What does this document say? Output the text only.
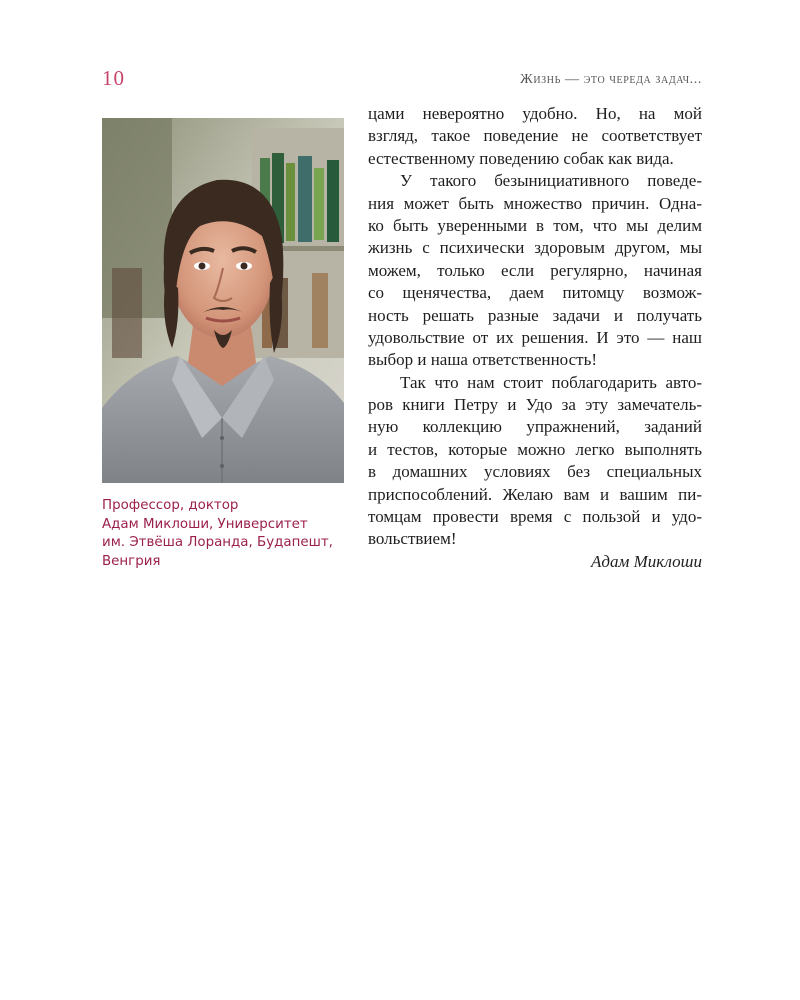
10	Жизнь — это череда задач...
Профессор, доктор
Адам Миклоши, Университет
им. Этвёша Лоранда, Будапешт,
Венгрия
цами невероятно удобно. Но, на мой
взгляд, такое поведение не соответствует
естественному поведению собак как вида.
У такого безынициативного поведе-
ния может быть множество причин. Одна-
ко быть уверенными в том, что мы делим
жизнь с психически здоровым другом, мы
можем, только если регулярно, начиная
со щенячества, даем питомцу возмож-
ность решать разные задачи и получать
удовольствие от их решения. И это — наш
выбор и наша ответственность!
Так что нам стоит поблагодарить авто-
ров книги Петру и Удо за эту замечатель-
ную коллекцию упражнений, заданий
и тестов, которые можно легко выполнять
в домашних условиях без специальных
приспособлений. Желаю вам и вашим пи-
томцам провести время с пользой и удо-
вольствием!
Адам Миклоши
